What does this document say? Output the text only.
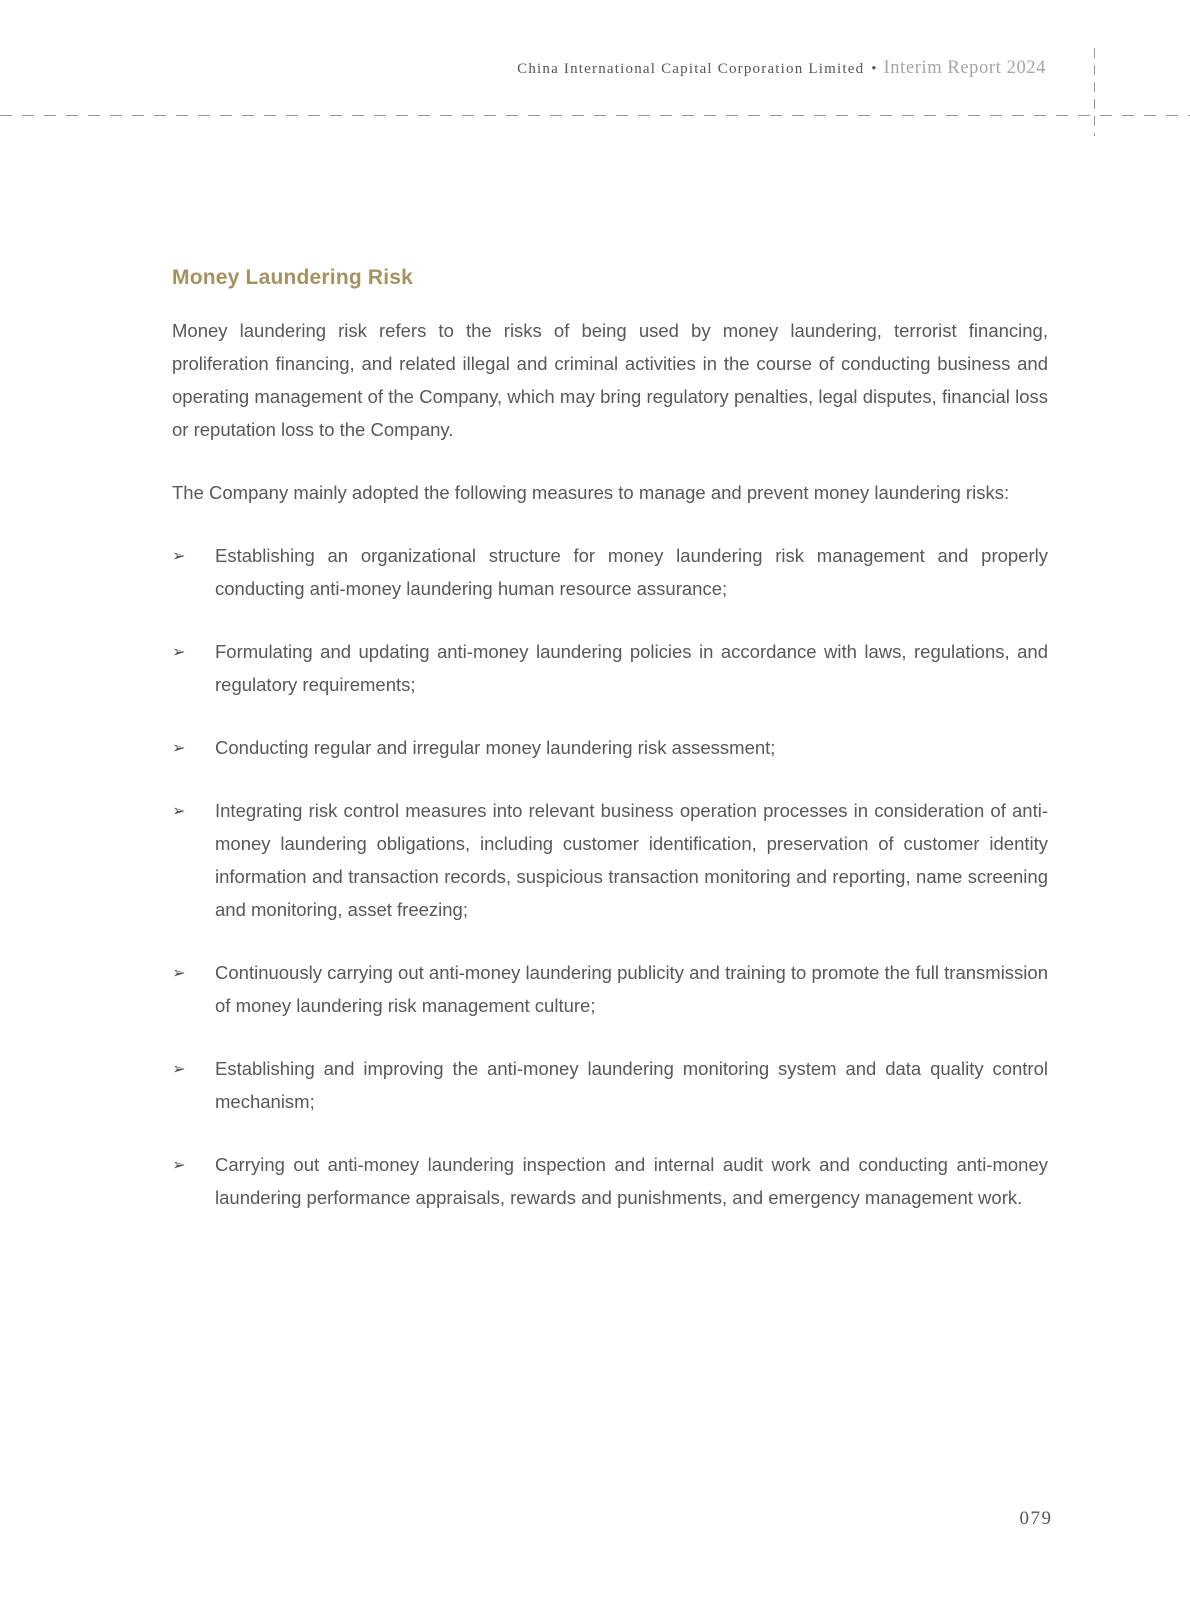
China International Capital Corporation Limited • Interim Report 2024
Money Laundering Risk

Money laundering risk refers to the risks of being used by money laundering, terrorist financing, proliferation financing, and related illegal and criminal activities in the course of conducting business and operating management of the Company, which may bring regulatory penalties, legal disputes, financial loss or reputation loss to the Company.

The Company mainly adopted the following measures to manage and prevent money laundering risks:

➢ Establishing an organizational structure for money laundering risk management and properly conducting anti-money laundering human resource assurance;
➢ Formulating and updating anti-money laundering policies in accordance with laws, regulations, and regulatory requirements;
➢ Conducting regular and irregular money laundering risk assessment;
➢ Integrating risk control measures into relevant business operation processes in consideration of anti-money laundering obligations, including customer identification, preservation of customer identity information and transaction records, suspicious transaction monitoring and reporting, name screening and monitoring, asset freezing;
➢ Continuously carrying out anti-money laundering publicity and training to promote the full transmission of money laundering risk management culture;
➢ Establishing and improving the anti-money laundering monitoring system and data quality control mechanism;
➢ Carrying out anti-money laundering inspection and internal audit work and conducting anti-money laundering performance appraisals, rewards and punishments, and emergency management work.
079
